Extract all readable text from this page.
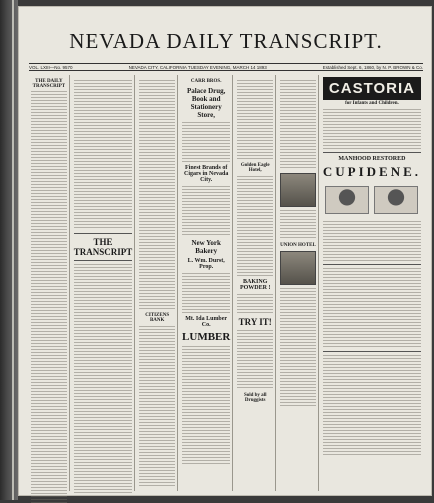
NEVADA DAILY TRANSCRIPT.
VOL. LXIII—No. 9570	NEVADA CITY, CALIFORNIA TUESDAY EVENING, MARCH 14 1893	Established Sept. 6, 1860, by N. P. BROWN & Co.
THE DAILY TRANSCRIPT
THE TRANSCRIPT
CITIZENS BANK
CARR BROS.
Palace Drug, Book and Stationery Store,
Finest Brands of Cigars in Nevada City.
New York Bakery
L. Wm. Durst, Prop.
Mt. Ida Lumber Co.
LUMBER
Golden Eagle Hotel,
BAKING POWDER !
TRY IT!
Sold by all Druggists
UNION HOTEL
CASTORIA
for Infants and Children.
MANHOOD RESTORED
CUPIDENE.
